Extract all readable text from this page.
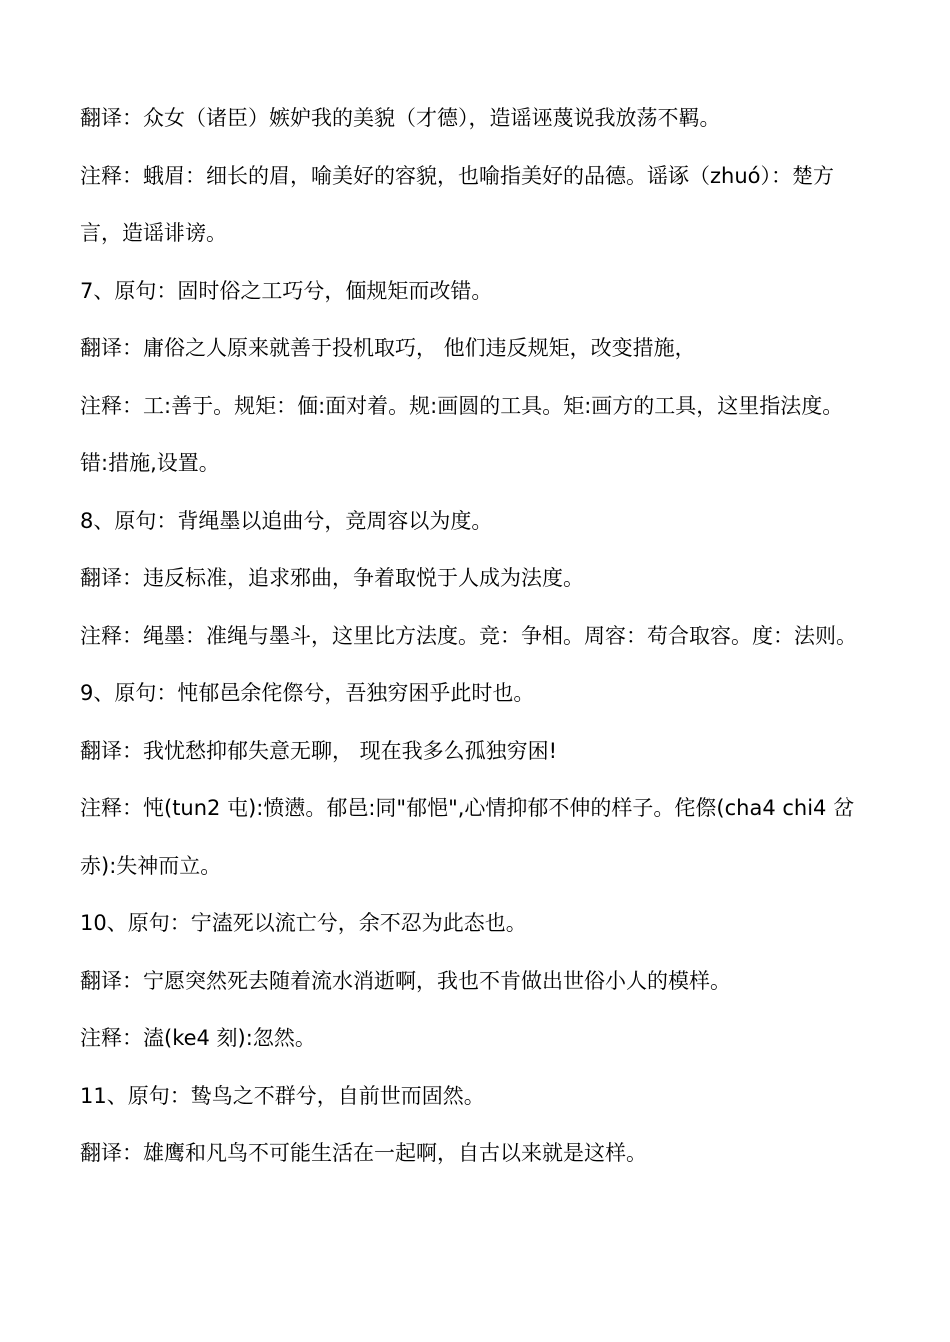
翻译：众女（诸臣）嫉妒我的美貌（才德），造谣诬蔑说我放荡不羁。

注释：蛾眉：细长的眉，喻美好的容貌，也喻指美好的品德。谣诼（zhuó）：楚方言，造谣诽谤。

7、原句：固时俗之工巧兮，偭规矩而改错。

翻译：庸俗之人原来就善于投机取巧， 他们违反规矩，改变措施，

注释：工:善于。规矩：偭:面对着。规:画圆的工具。矩:画方的工具，这里指法度。错:措施,设置。

8、原句：背绳墨以追曲兮，竞周容以为度。

翻译：违反标准，追求邪曲，争着取悦于人成为法度。

注释：绳墨：准绳与墨斗，这里比方法度。竞：争相。周容：苟合取容。度：法则。

9、原句：忳郁邑余侘傺兮，吾独穷困乎此时也。

翻译：我忧愁抑郁失意无聊， 现在我多么孤独穷困!

注释：忳(tun2 屯):愤懑。郁邑:同"郁悒",心情抑郁不伸的样子。侘傺(cha4 chi4 岔赤):失神而立。

10、原句：宁溘死以流亡兮，余不忍为此态也。

翻译：宁愿突然死去随着流水消逝啊，我也不肯做出世俗小人的模样。

注释：溘(ke4 刻):忽然。

11、原句：鸷鸟之不群兮，自前世而固然。

翻译：雄鹰和凡鸟不可能生活在一起啊，自古以来就是这样。
